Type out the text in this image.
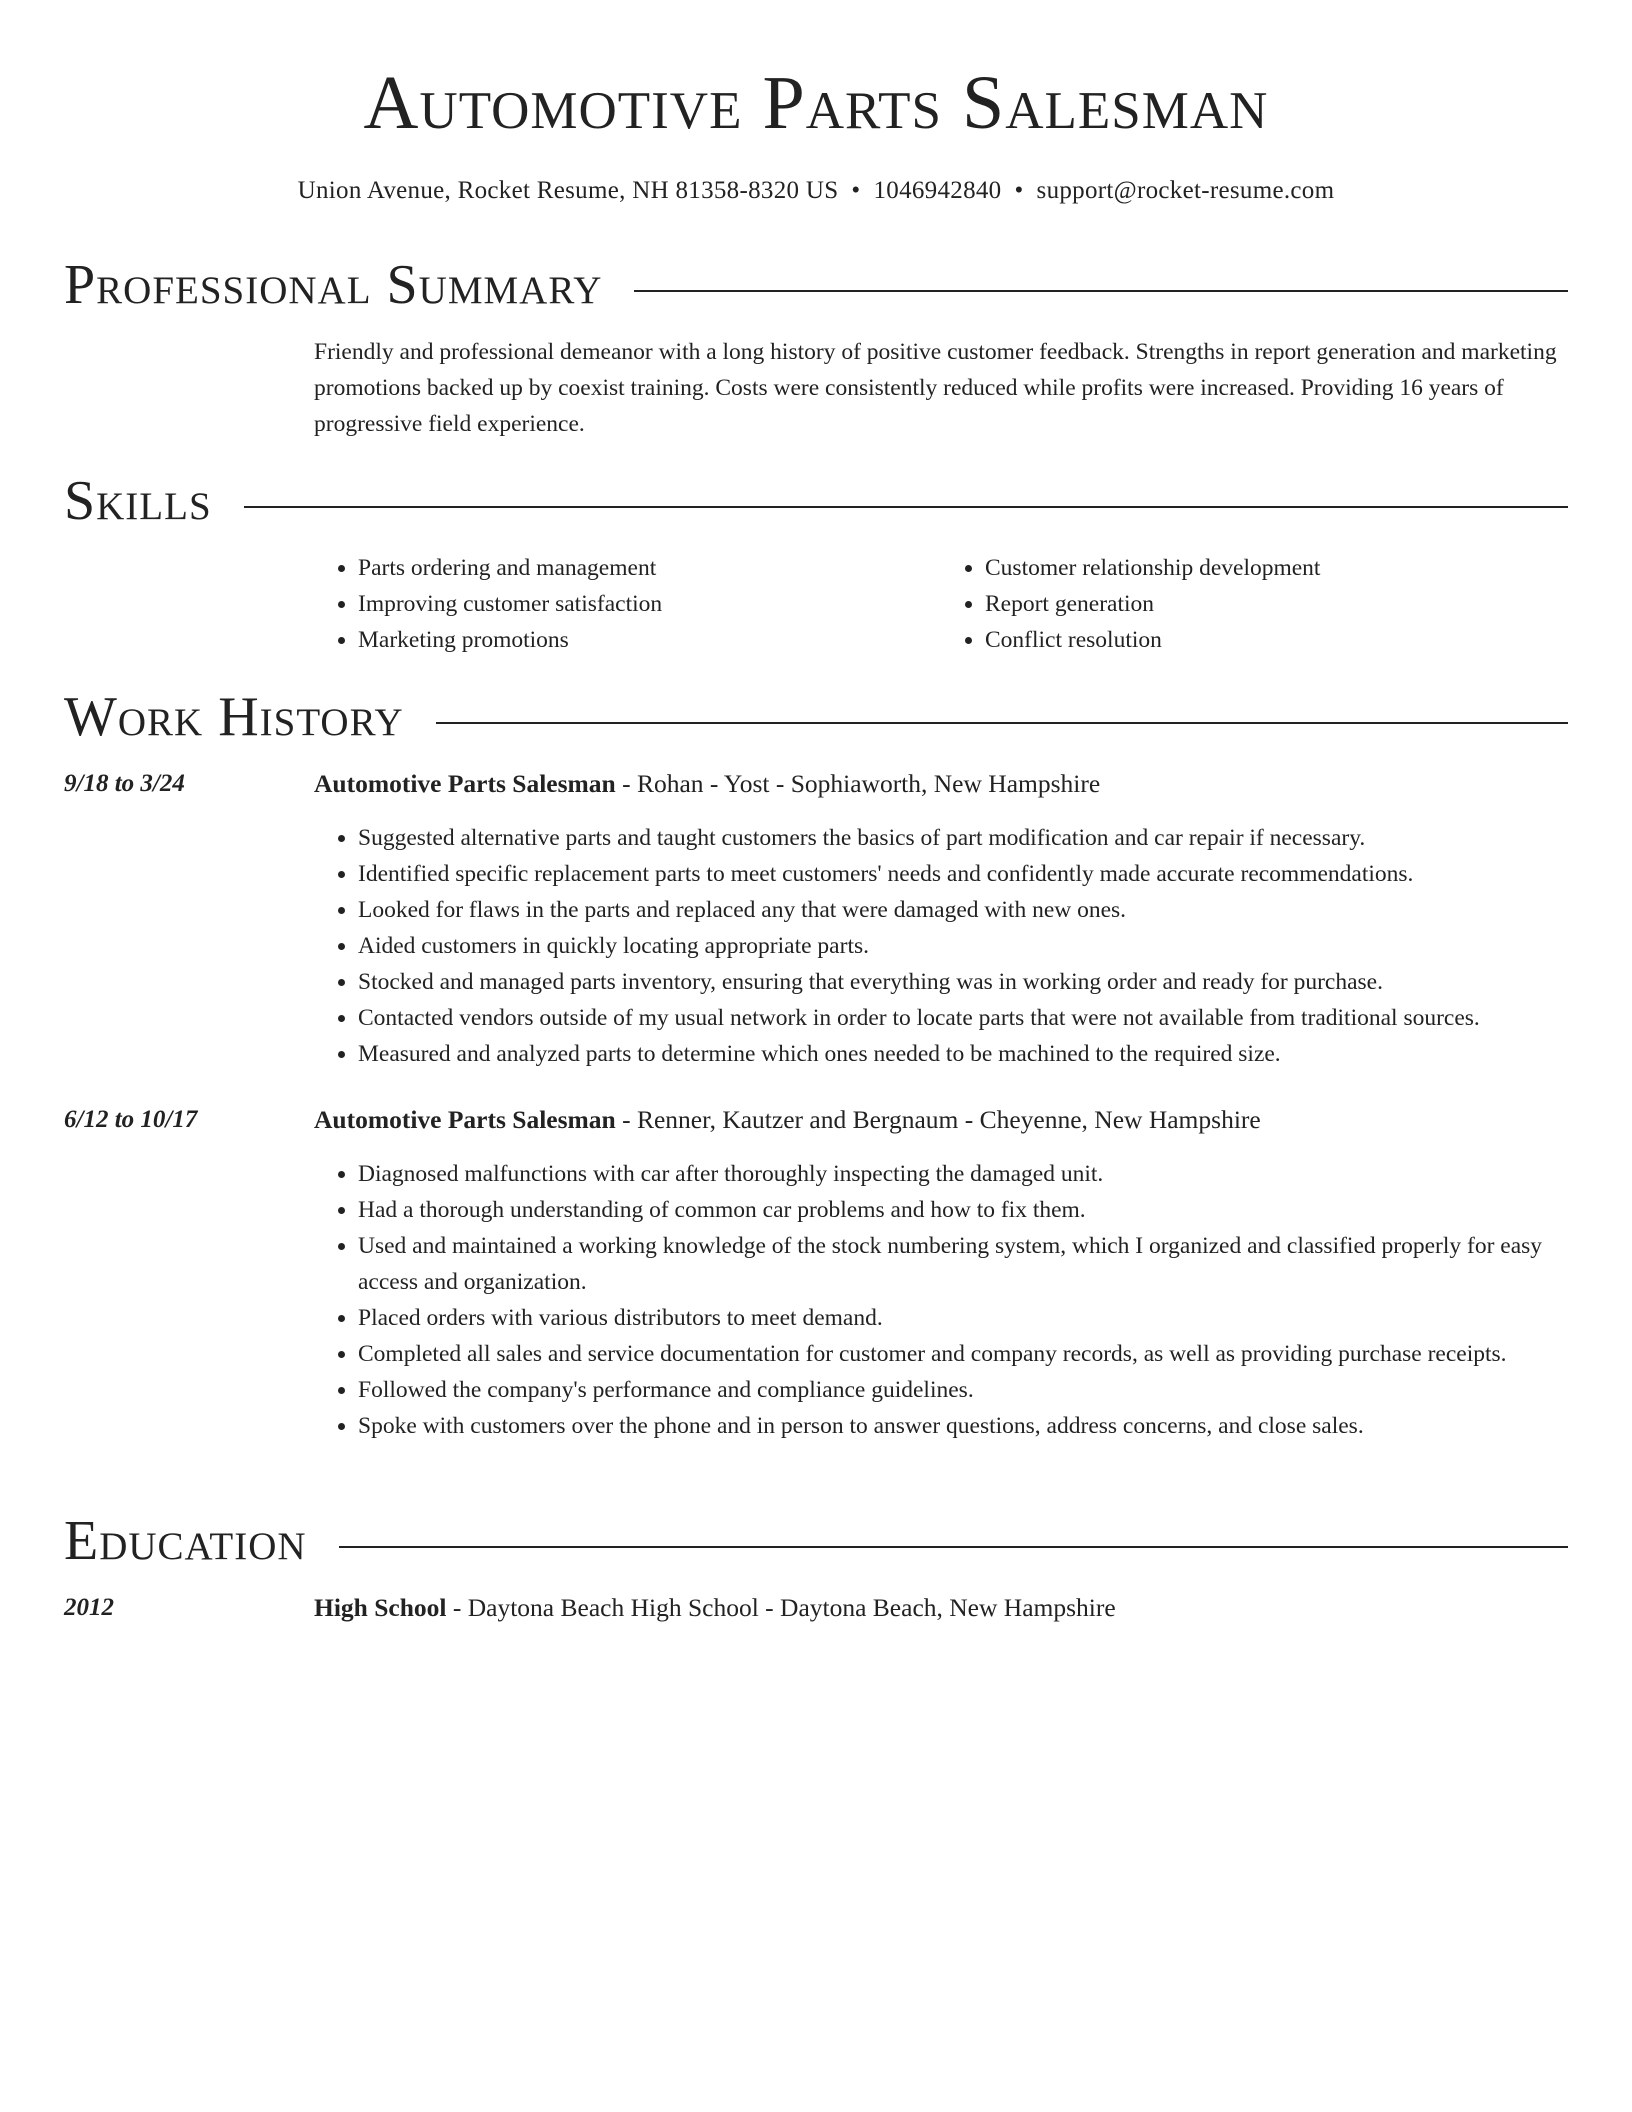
Automotive Parts Salesman
Union Avenue, Rocket Resume, NH 81358-8320 US • 1046942840 • support@rocket-resume.com
Professional Summary

Friendly and professional demeanor with a long history of positive customer feedback. Strengths in report generation and marketing promotions backed up by coexist training. Costs were consistently reduced while profits were increased. Providing 16 years of progressive field experience.

Skills
• Parts ordering and management
• Improving customer satisfaction
• Marketing promotions
• Customer relationship development
• Report generation
• Conflict resolution
Work History
9/18 to 3/24	Automotive Parts Salesman - Rohan - Yost - Sophiaworth, New Hampshire
• Suggested alternative parts and taught customers the basics of part modification and car repair if necessary.
• Identified specific replacement parts to meet customers' needs and confidently made accurate recommendations.
• Looked for flaws in the parts and replaced any that were damaged with new ones.
• Aided customers in quickly locating appropriate parts.
• Stocked and managed parts inventory, ensuring that everything was in working order and ready for purchase.
• Contacted vendors outside of my usual network in order to locate parts that were not available from traditional sources.
• Measured and analyzed parts to determine which ones needed to be machined to the required size.
6/12 to 10/17	Automotive Parts Salesman - Renner, Kautzer and Bergnaum - Cheyenne, New Hampshire
• Diagnosed malfunctions with car after thoroughly inspecting the damaged unit.
• Had a thorough understanding of common car problems and how to fix them.
• Used and maintained a working knowledge of the stock numbering system, which I organized and classified properly for easy access and organization.
• Placed orders with various distributors to meet demand.
• Completed all sales and service documentation for customer and company records, as well as providing purchase receipts.
• Followed the company's performance and compliance guidelines.
• Spoke with customers over the phone and in person to answer questions, address concerns, and close sales.
Education
2012	High School - Daytona Beach High School - Daytona Beach, New Hampshire
